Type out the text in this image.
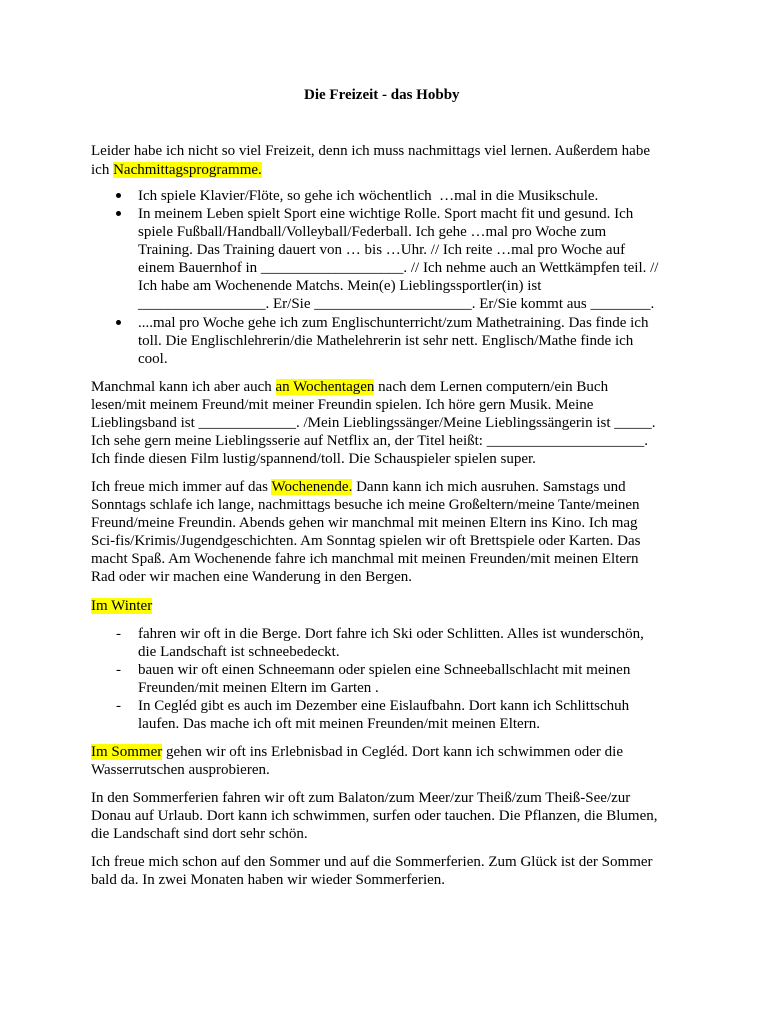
Die Freizeit - das Hobby
Leider habe ich nicht so viel Freizeit, denn ich muss nachmittags viel lernen. Außerdem habe
ich Nachmittagsprogramme.
Ich spiele Klavier/Flöte, so gehe ich wöchentlich  …mal in die Musikschule.
In meinem Leben spielt Sport eine wichtige Rolle. Sport macht fit und gesund. Ich
spiele Fußball/Handball/Volleyball/Federball. Ich gehe …mal pro Woche zum
Training. Das Training dauert von … bis …Uhr. // Ich reite …mal pro Woche auf
einem Bauernhof in ___________________. // Ich nehme auch an Wettkämpfen teil. //
Ich habe am Wochenende Matchs. Mein(e) Lieblingssportler(in) ist
_________________. Er/Sie _____________________. Er/Sie kommt aus ________.
....mal pro Woche gehe ich zum Englischunterricht/zum Mathetraining. Das finde ich
toll. Die Englischlehrerin/die Mathelehrerin ist sehr nett. Englisch/Mathe finde ich
cool.
Manchmal kann ich aber auch an Wochentagen nach dem Lernen computern/ein Buch
lesen/mit meinem Freund/mit meiner Freundin spielen. Ich höre gern Musik. Meine
Lieblingsband ist _____________. /Mein Lieblingssänger/Meine Lieblingssängerin ist _____.
Ich sehe gern meine Lieblingsserie auf Netflix an, der Titel heißt: _____________________.
Ich finde diesen Film lustig/spannend/toll. Die Schauspieler spielen super.
Ich freue mich immer auf das Wochenende. Dann kann ich mich ausruhen. Samstags und
Sonntags schlafe ich lange, nachmittags besuche ich meine Großeltern/meine Tante/meinen
Freund/meine Freundin. Abends gehen wir manchmal mit meinen Eltern ins Kino. Ich mag
Sci-fis/Krimis/Jugendgeschichten. Am Sonntag spielen wir oft Brettspiele oder Karten. Das
macht Spaß. Am Wochenende fahre ich manchmal mit meinen Freunden/mit meinen Eltern
Rad oder wir machen eine Wanderung in den Bergen.
Im Winter
- fahren wir oft in die Berge. Dort fahre ich Ski oder Schlitten. Alles ist wunderschön,
die Landschaft ist schneebedeckt.
- bauen wir oft einen Schneemann oder spielen eine Schneeballschlacht mit meinen
Freunden/mit meinen Eltern im Garten .
- In Cegléd gibt es auch im Dezember eine Eislaufbahn. Dort kann ich Schlittschuh
laufen. Das mache ich oft mit meinen Freunden/mit meinen Eltern.
Im Sommer gehen wir oft ins Erlebnisbad in Cegléd. Dort kann ich schwimmen oder die
Wasserrutschen ausprobieren.
In den Sommerferien fahren wir oft zum Balaton/zum Meer/zur Theiß/zum Theiß-See/zur
Donau auf Urlaub. Dort kann ich schwimmen, surfen oder tauchen. Die Pflanzen, die Blumen,
die Landschaft sind dort sehr schön.
Ich freue mich schon auf den Sommer und auf die Sommerferien. Zum Glück ist der Sommer
bald da. In zwei Monaten haben wir wieder Sommerferien.
